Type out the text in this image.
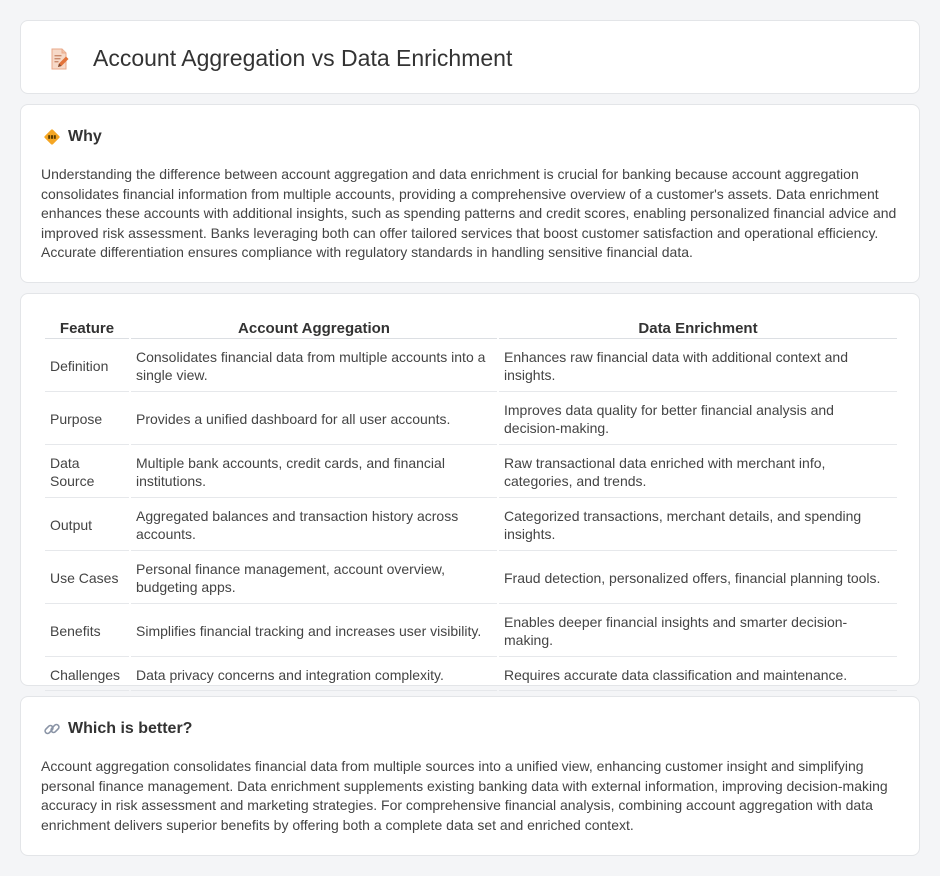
Account Aggregation vs Data Enrichment
Why

Understanding the difference between account aggregation and data enrichment is crucial for banking because account aggregation consolidates financial information from multiple accounts, providing a comprehensive overview of a customer's assets. Data enrichment enhances these accounts with additional insights, such as spending patterns and credit scores, enabling personalized financial advice and improved risk assessment. Banks leveraging both can offer tailored services that boost customer satisfaction and operational efficiency. Accurate differentiation ensures compliance with regulatory standards in handling sensitive financial data.

Feature	Account Aggregation	Data Enrichment
Definition	Consolidates financial data from multiple accounts into a single view.	Enhances raw financial data with additional context and insights.
Purpose	Provides a unified dashboard for all user accounts.	Improves data quality for better financial analysis and decision-making.
Data Source	Multiple bank accounts, credit cards, and financial institutions.	Raw transactional data enriched with merchant info, categories, and trends.
Output	Aggregated balances and transaction history across accounts.	Categorized transactions, merchant details, and spending insights.
Use Cases	Personal finance management, account overview, budgeting apps.	Fraud detection, personalized offers, financial planning tools.
Benefits	Simplifies financial tracking and increases user visibility.	Enables deeper financial insights and smarter decision-making.
Challenges	Data privacy concerns and integration complexity.	Requires accurate data classification and maintenance.
Which is better?

Account aggregation consolidates financial data from multiple sources into a unified view, enhancing customer insight and simplifying personal finance management. Data enrichment supplements existing banking data with external information, improving decision-making accuracy in risk assessment and marketing strategies. For comprehensive financial analysis, combining account aggregation with data enrichment delivers superior benefits by offering both a complete data set and enriched context.
